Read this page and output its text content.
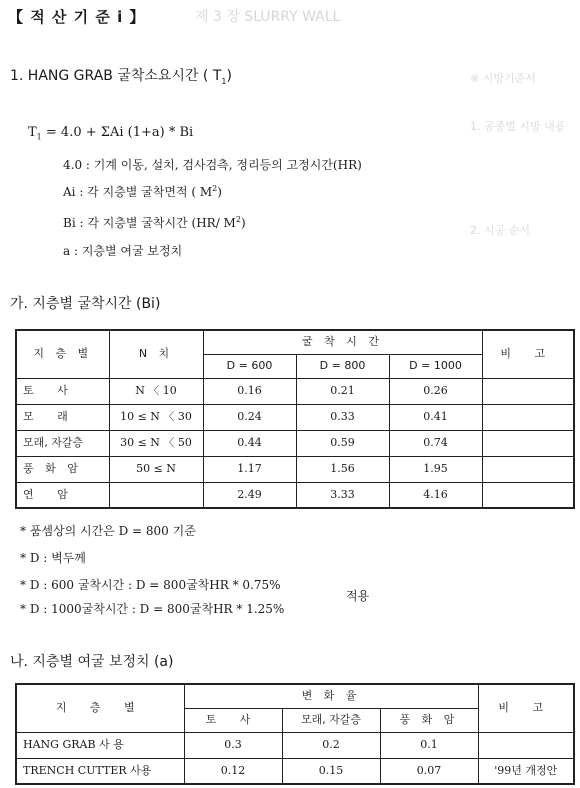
제 3 장 SLURRY WALL
※ 시방기준서
1. 공종별 시방 내용
2. 시공 순서
【 적 산 기 준 i 】
1. HANG GRAB 굴착소요시간 ( $T_1$)
$T_1 = 4.0 + \Sigma Ai$ (1+a) * Bi
4.0 : 기계 이동, 설치, 검사검측, 정리등의 고정시간(HR)
Ai : 각 지층별 굴착면적 ( $M^2$)
Bi : 각 지층별 굴착시간 (HR/ $M^2$)
a : 지층별 여굴 보정치
가. 지층별 굴착시간 (Bi)
지 층 별	N 치	굴 착 시 간			비 고
		D = 600	D = 800	D = 1000	
토 사	N 〈 10	0.16	0.21	0.26	
모 래	10 ≤ N 〈 30	0.24	0.33	0.41	
모래, 자갈층	30 ≤ N 〈 50	0.44	0.59	0.74	
풍 화 암	50 ≤ N	1.17	1.56	1.95	
연 암		2.49	3.33	4.16	
* 품셈상의 시간은 D = 800 기준
* D : 벽두께
* D : 600 굴착시간 : D = 800굴착HR * 0.75%
* D : 1000굴착시간 : D = 800굴착HR * 1.25%
적용
나. 지층별 여굴 보정치 (a)
지 층 별	변 화 율			비 고
	토 사	모래, 자갈층	풍 화 암	
HANG GRAB 사 용	0.3	0.2	0.1	
TRENCH CUTTER 사용	0.12	0.15	0.07	'99년 개정안
